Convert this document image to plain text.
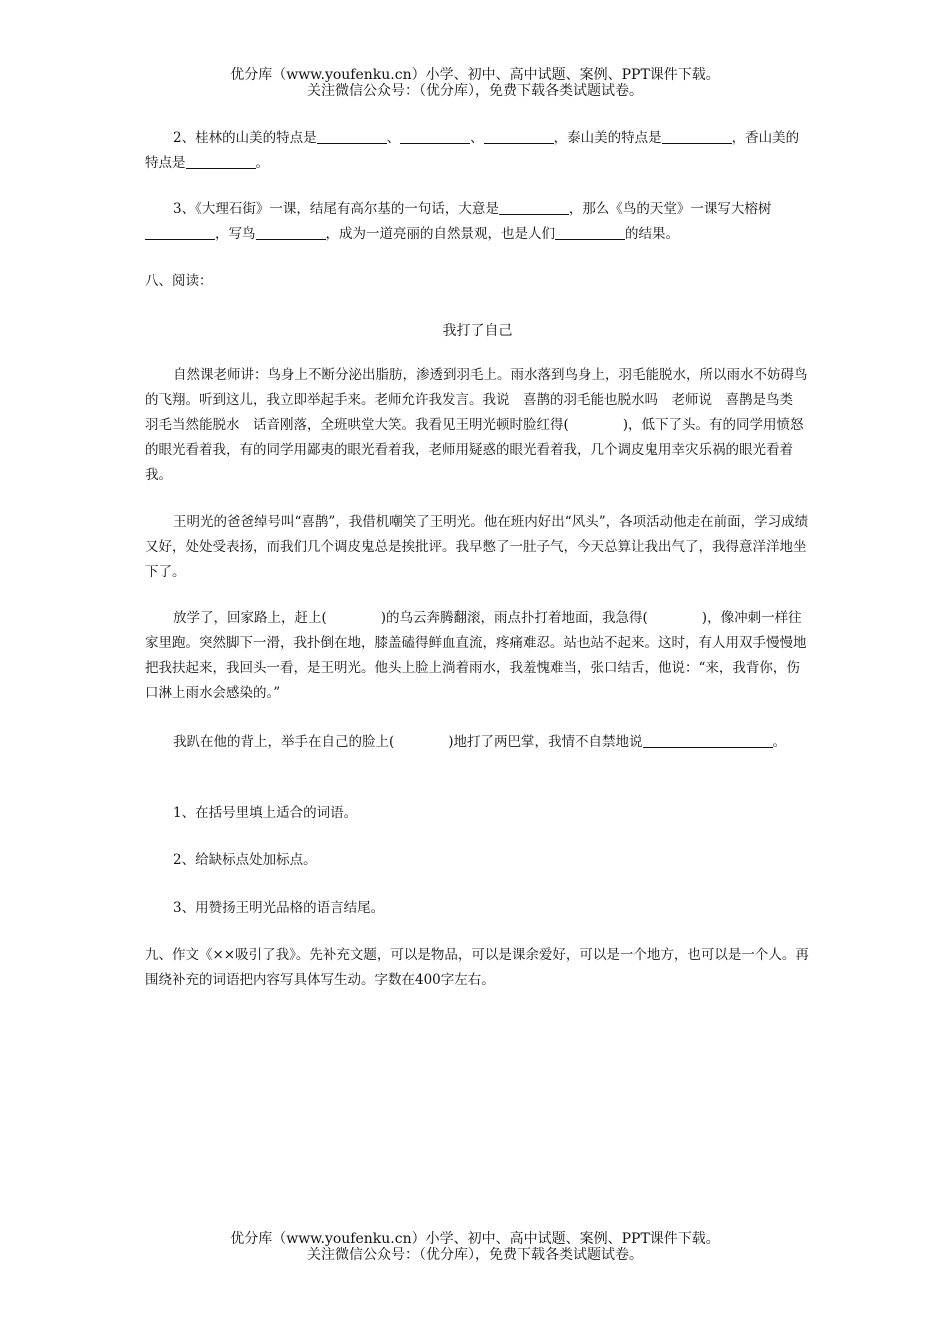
优分库（www.youfenku.cn）小学、初中、高中试题、案例、PPT课件下载。
关注微信公众号：（优分库），免费下载各类试题试卷。

2、桂林的山美的特点是	、	、	，泰山美的特点是	，香山美的特点是	。

3、《大理石街》一课，结尾有高尔基的一句话，大意是	，那么《鸟的天堂》一课写大榕树，写鸟	，成为一道亮丽的自然景观，也是人们	的结果。

八、阅读：

我打了自己

自然课老师讲：鸟身上不断分泌出脂肪，渗透到羽毛上。雨水落到鸟身上，羽毛能脱水，所以雨水不妨碍鸟的飞翔。听到这儿，我立即举起手来。老师允许我发言。我说　喜鹊的羽毛能也脱水吗　老师说　喜鹊是鸟类　羽毛当然能脱水　话音刚落，全班哄堂大笑。我看见王明光顿时脸红得(　　　　)，低下了头。有的同学用愤怒的眼光看着我，有的同学用鄙夷的眼光看着我，老师用疑惑的眼光看着我，几个调皮鬼用幸灾乐祸的眼光看着我。

王明光的爸爸绰号叫“喜鹊”，我借机嘲笑了王明光。他在班内好出“风头”，各项活动他走在前面，学习成绩又好，处处受表扬，而我们几个调皮鬼总是挨批评。我早憋了一肚子气，今天总算让我出气了，我得意洋洋地坐下了。

放学了，回家路上，赶上(　　　　)的乌云奔腾翻滚，雨点扑打着地面，我急得(　　　　)，像冲刺一样往家里跑。突然脚下一滑，我扑倒在地，膝盖磕得鲜血直流，疼痛难忍。站也站不起来。这时，有人用双手慢慢地把我扶起来，我回头一看，是王明光。他头上脸上淌着雨水，我羞愧难当，张口结舌，他说：“来，我背你，伤口淋上雨水会感染的。”

我趴在他的背上，举手在自己的脸上(　　　　)地打了两巴掌，我情不自禁地说	。

1、在括号里填上适合的词语。

2、给缺标点处加标点。

3、用赞扬王明光品格的语言结尾。

九、作文《××吸引了我》。先补充文题，可以是物品，可以是课余爱好，可以是一个地方，也可以是一个人。再围绕补充的词语把内容写具体写生动。字数在400字左右。

优分库（www.youfenku.cn）小学、初中、高中试题、案例、PPT课件下载。
关注微信公众号：（优分库），免费下载各类试题试卷。
